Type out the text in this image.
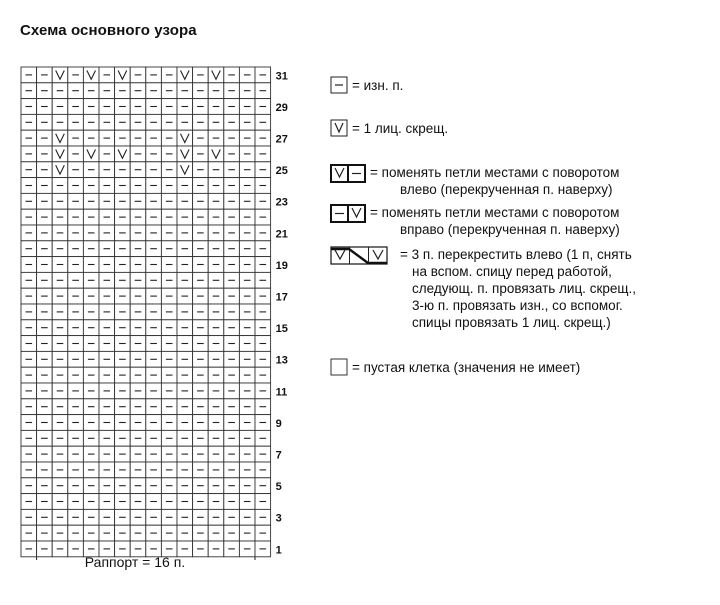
Схема основного узора
31
29
27
25
23
21
19
17
15
13
11
9
7
5
3
1
Раппорт = 16 п.
= изн. п.
= 1 лиц. скрещ.
= поменять петли местами с поворотом
влево (перекрученная п. наверху)
= поменять петли местами с поворотом
вправо (перекрученная п. наверху)
= 3 п. перекрестить влево (1 п, снять
на вспом. спицу перед работой,
следующ. п. провязать лиц. скрещ.,
3-ю п. провязать изн., со вспомог.
спицы провязать 1 лиц. скрещ.)
= пустая клетка (значения не имеет)
